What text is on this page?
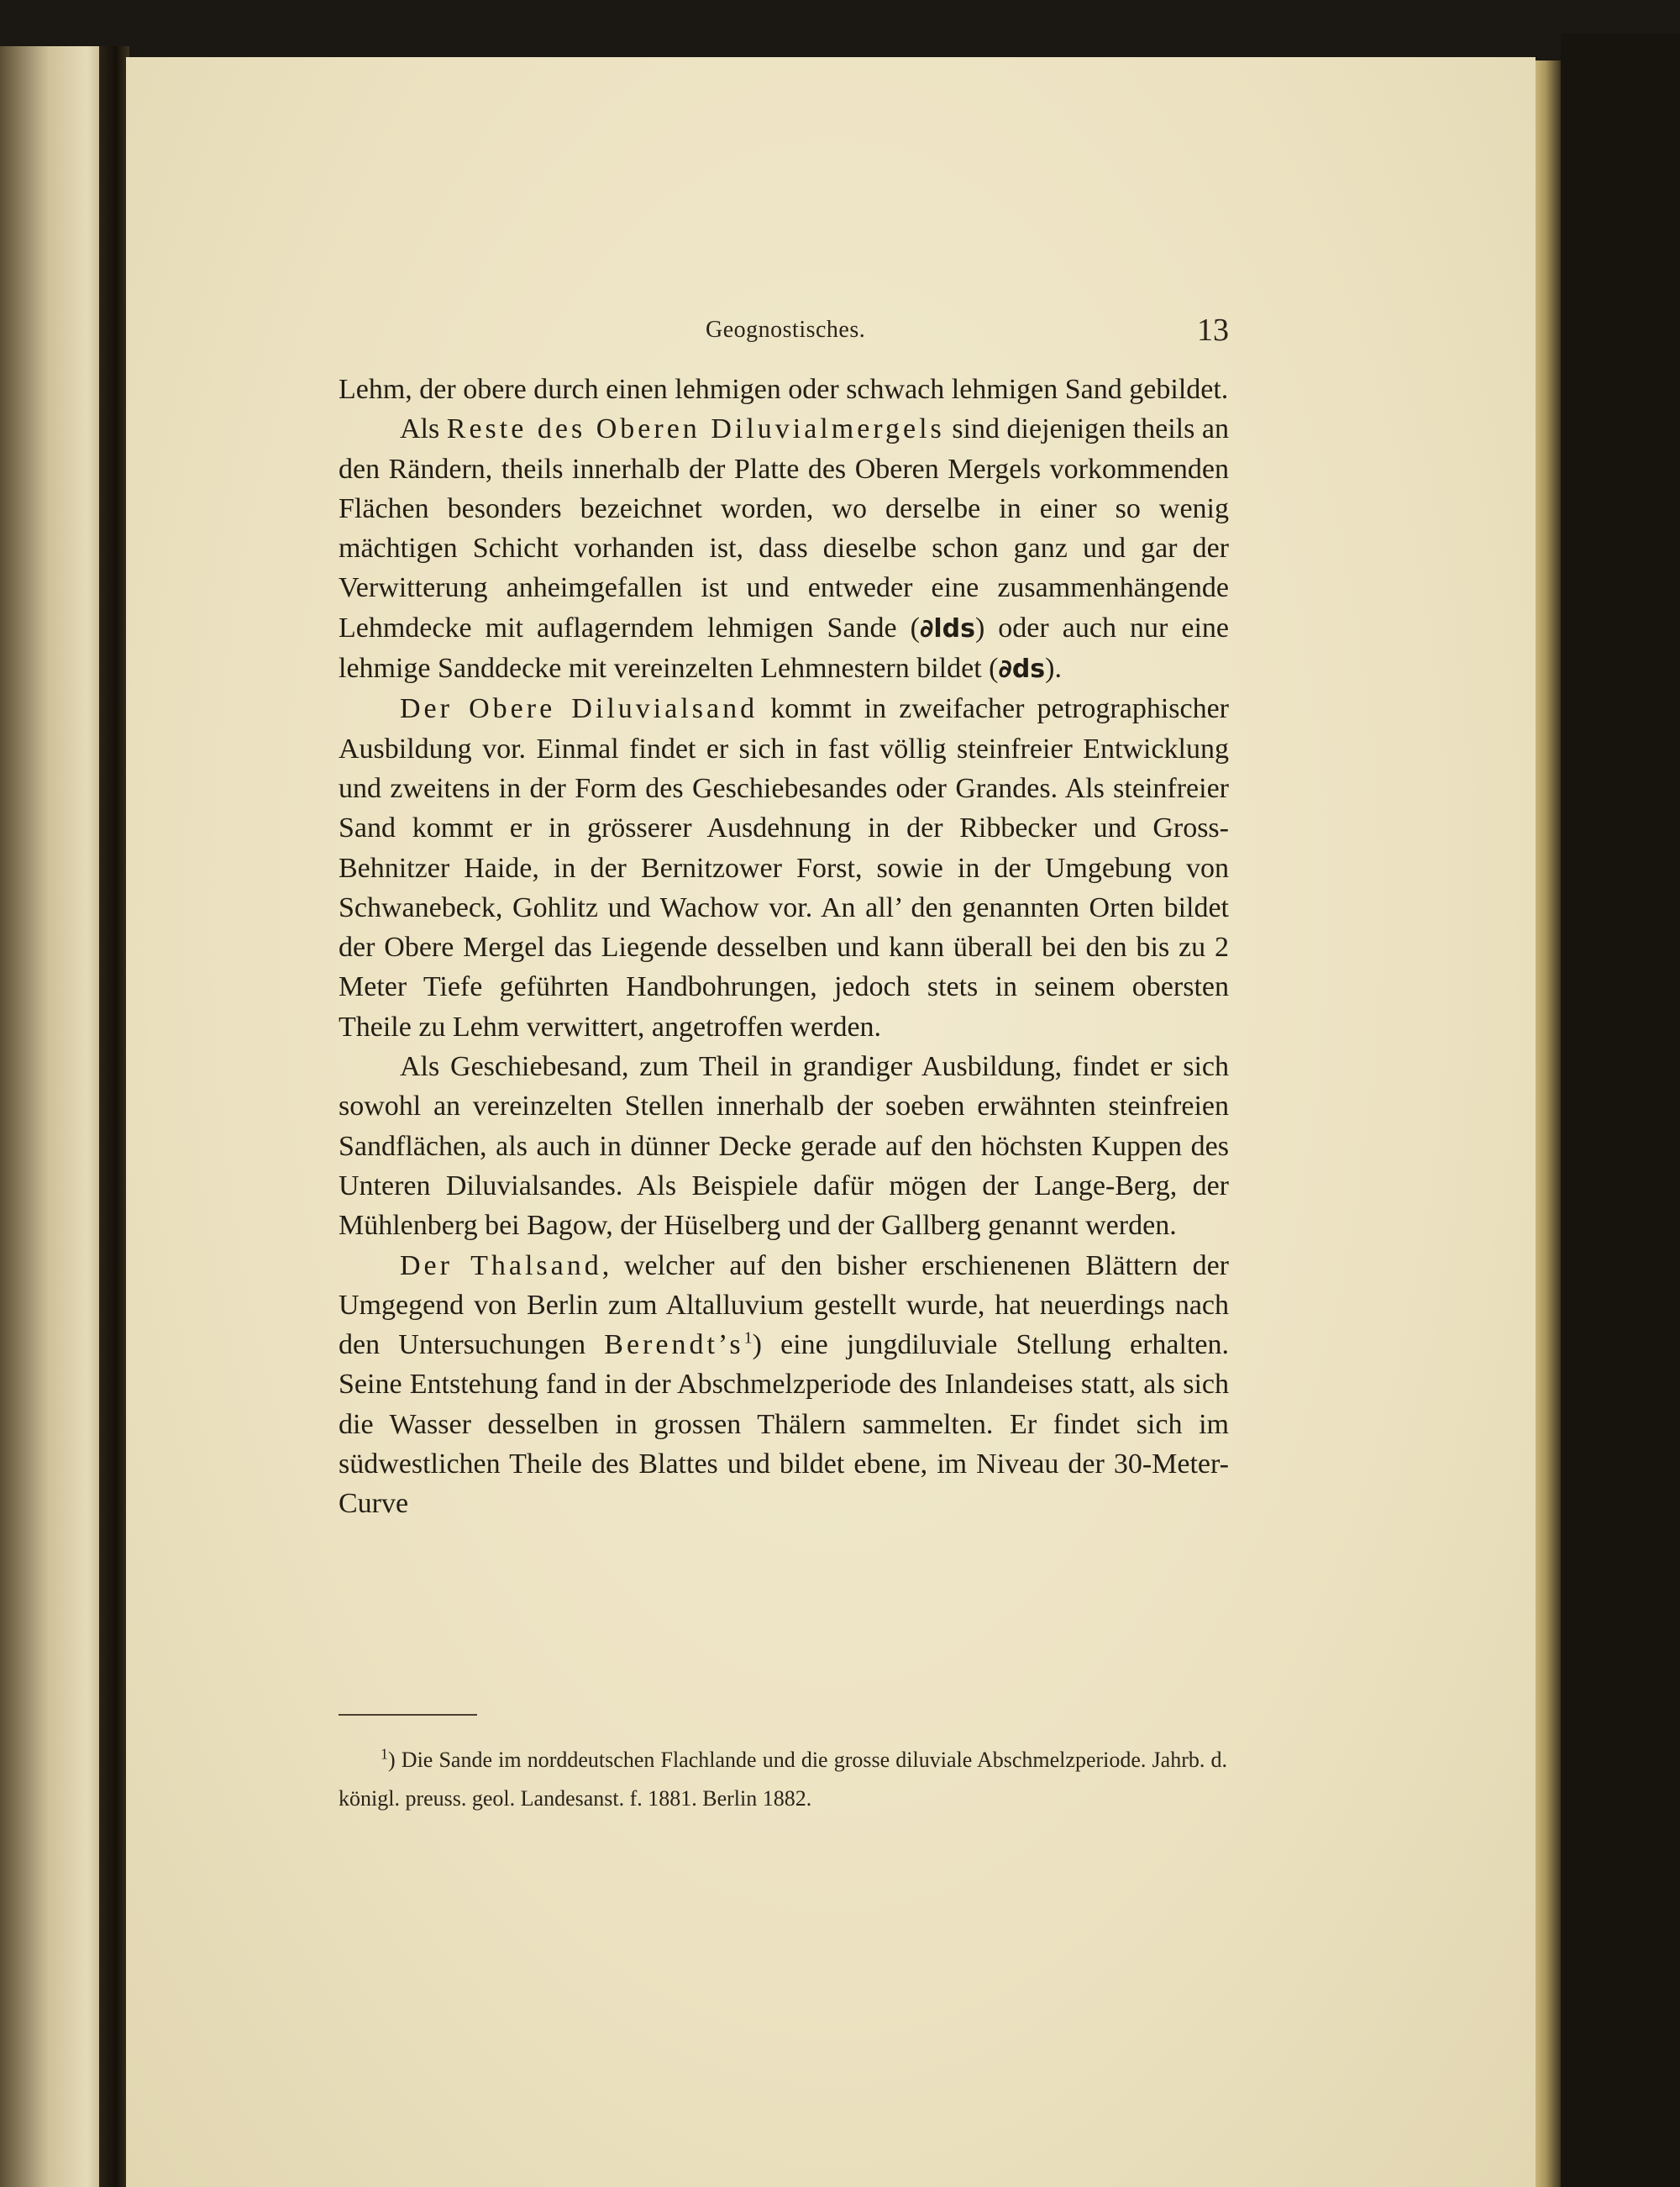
Geognostisches.	13

Lehm, der obere durch einen lehmigen oder schwach lehmigen Sand gebildet.

Als Reste des Oberen Diluvialmergels sind diejenigen theils an den Rändern, theils innerhalb der Platte des Oberen Mergels vorkommenden Flächen besonders bezeichnet worden, wo derselbe in einer so wenig mächtigen Schicht vorhanden ist, dass dieselbe schon ganz und gar der Verwitterung anheimgefallen ist und entweder eine zusammenhängende Lehmdecke mit auflagerndem lehmigen Sande (∂lds) oder auch nur eine lehmige Sanddecke mit vereinzelten Lehmnestern bildet (∂ds).

Der Obere Diluvialsand kommt in zweifacher petrographischer Ausbildung vor. Einmal findet er sich in fast völlig steinfreier Entwicklung und zweitens in der Form des Geschiebesandes oder Grandes. Als steinfreier Sand kommt er in grösserer Ausdehnung in der Ribbecker und Gross-Behnitzer Haide, in der Bernitzower Forst, sowie in der Umgebung von Schwanebeck, Gohlitz und Wachow vor. An all’ den genannten Orten bildet der Obere Mergel das Liegende desselben und kann überall bei den bis zu 2 Meter Tiefe geführten Handbohrungen, jedoch stets in seinem obersten Theile zu Lehm verwittert, angetroffen werden.

Als Geschiebesand, zum Theil in grandiger Ausbildung, findet er sich sowohl an vereinzelten Stellen innerhalb der soeben erwähnten steinfreien Sandflächen, als auch in dünner Decke gerade auf den höchsten Kuppen des Unteren Diluvialsandes. Als Beispiele dafür mögen der Lange-Berg, der Mühlenberg bei Bagow, der Hüselberg und der Gallberg genannt werden.

Der Thalsand, welcher auf den bisher erschienenen Blättern der Umgegend von Berlin zum Altalluvium gestellt wurde, hat neuerdings nach den Untersuchungen $Berendt’s^1$) eine jungdiluviale Stellung erhalten. Seine Entstehung fand in der Abschmelzperiode des Inlandeises statt, als sich die Wasser desselben in grossen Thälern sammelten. Er findet sich im südwestlichen Theile des Blattes und bildet ebene, im Niveau der 30-Meter-Curve

$^1$) Die Sande im norddeutschen Flachlande und die grosse diluviale Abschmelzperiode. Jahrb. d. königl. preuss. geol. Landesanst. f. 1881. Berlin 1882.
